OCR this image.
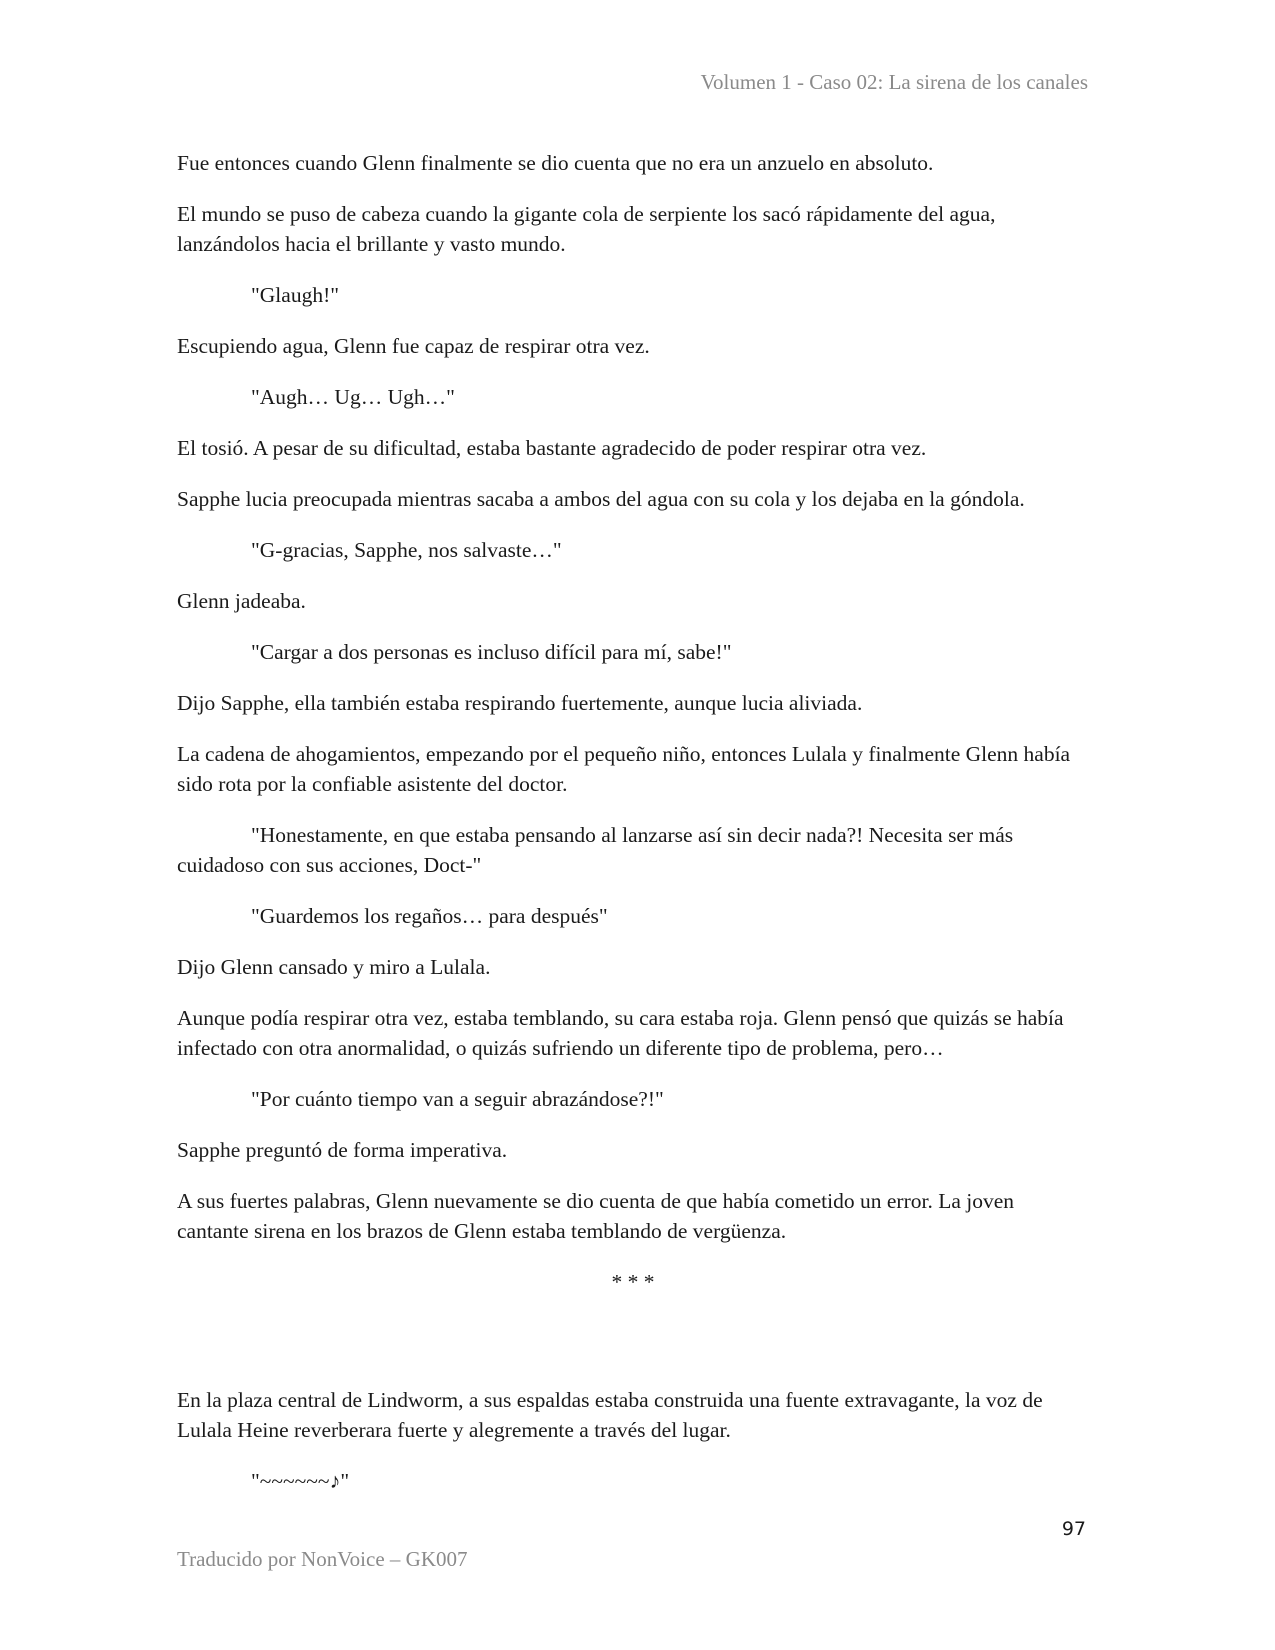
Volumen 1 - Caso 02: La sirena de los canales

Fue entonces cuando Glenn finalmente se dio cuenta que no era un anzuelo en absoluto.

El mundo se puso de cabeza cuando la gigante cola de serpiente los sacó rápidamente del agua, lanzándolos hacia el brillante y vasto mundo.

"Glaugh!"

Escupiendo agua, Glenn fue capaz de respirar otra vez.

"Augh… Ug… Ugh…"

El tosió. A pesar de su dificultad, estaba bastante agradecido de poder respirar otra vez.

Sapphe lucia preocupada mientras sacaba a ambos del agua con su cola y los dejaba en la góndola.

"G-gracias, Sapphe, nos salvaste…"

Glenn jadeaba.

"Cargar a dos personas es incluso difícil para mí, sabe!"

Dijo Sapphe, ella también estaba respirando fuertemente, aunque lucia aliviada.

La cadena de ahogamientos, empezando por el pequeño niño, entonces Lulala y finalmente Glenn había sido rota por la confiable asistente del doctor.

"Honestamente, en que estaba pensando al lanzarse así sin decir nada?! Necesita ser más cuidadoso con sus acciones, Doct-"

"Guardemos los regaños… para después"

Dijo Glenn cansado y miro a Lulala.

Aunque podía respirar otra vez, estaba temblando, su cara estaba roja. Glenn pensó que quizás se había infectado con otra anormalidad, o quizás sufriendo un diferente tipo de problema, pero…

"Por cuánto tiempo van a seguir abrazándose?!"

Sapphe preguntó de forma imperativa.

A sus fuertes palabras, Glenn nuevamente se dio cuenta de que había cometido un error. La joven cantante sirena en los brazos de Glenn estaba temblando de vergüenza.

* * *

En la plaza central de Lindworm, a sus espaldas estaba construida una fuente extravagante, la voz de Lulala Heine reverberara fuerte y alegremente a través del lugar.

"~~~~~~♪"

97
Traducido por NonVoice – GK007
